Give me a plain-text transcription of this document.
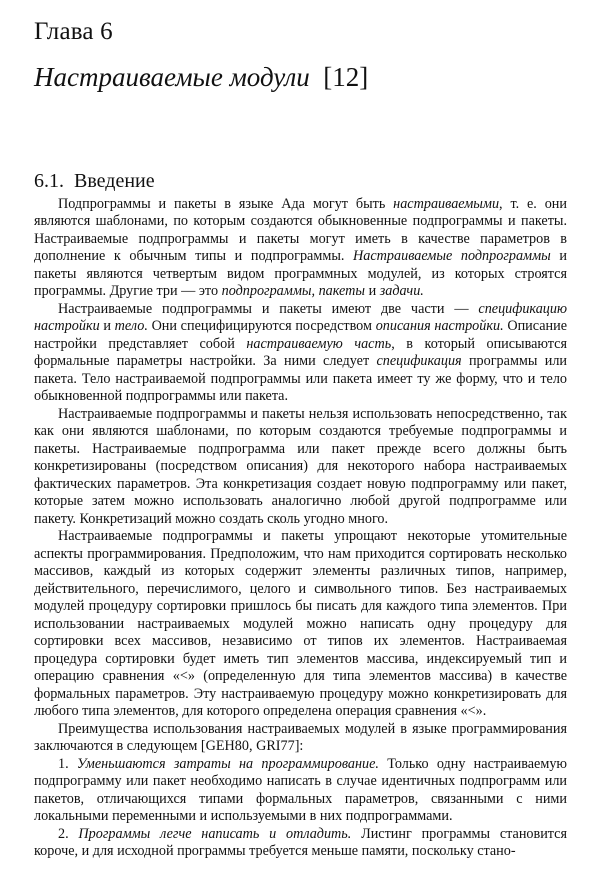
Глава 6
Настраиваемые модули [12]
6.1. Введение

Подпрограммы и пакеты в языке Ада могут быть настраиваемыми, т. е. они являются шаблонами, по которым создаются обыкновенные подпрограммы и пакеты. Настраиваемые подпрограммы и пакеты могут иметь в качестве параметров в дополнение к обычным типы и подпрограммы. Настраиваемые подпрограммы и пакеты являются четвертым видом программных модулей, из которых строятся программы. Другие три — это подпрограммы, пакеты и задачи.

Настраиваемые подпрограммы и пакеты имеют две части — спецификацию настройки и тело. Они специфицируются посредством описания настройки. Описание настройки представляет собой настраиваемую часть, в который описываются формальные параметры настройки. За ними следует спецификация программы или пакета. Тело настраиваемой подпрограммы или пакета имеет ту же форму, что и тело обыкновенной подпрограммы или пакета.

Настраиваемые подпрограммы и пакеты нельзя использовать непосредственно, так как они являются шаблонами, по которым создаются требуемые подпрограммы и пакеты. Настраиваемые подпрограмма или пакет прежде всего должны быть конкретизированы (посредством описания) для некоторого набора настраиваемых фактических параметров. Эта конкретизация создает новую подпрограмму или пакет, которые затем можно использовать аналогично любой другой подпрограмме или пакету. Конкретизаций можно создать сколь угодно много.

Настраиваемые подпрограммы и пакеты упрощают некоторые утомительные аспекты программирования. Предположим, что нам приходится сортировать несколько массивов, каждый из которых содержит элементы различных типов, например, действительного, перечислимого, целого и символьного типов. Без настраиваемых модулей процедуру сортировки пришлось бы писать для каждого типа элементов. При использовании настраиваемых модулей можно написать одну процедуру для сортировки всех массивов, независимо от типов их элементов. Настраиваемая процедура сортировки будет иметь тип элементов массива, индексируемый тип и операцию сравнения «<» (определенную для типа элементов массива) в качестве формальных параметров. Эту настраиваемую процедуру можно конкретизировать для любого типа элементов, для которого определена операция сравнения «<».

Преимущества использования настраиваемых модулей в языке программирования заключаются в следующем [GEH80, GRI77]:

1. Уменьшаются затраты на программирование. Только одну настраиваемую подпрограмму или пакет необходимо написать в случае идентичных подпрограмм или пакетов, отличающихся типами формальных параметров, связанными с ними локальными переменными и используемыми в них подпрограммами.

2. Программы легче написать и отладить. Листинг программы становится

короче, и для исходной программы требуется меньше памяти, поскольку стано-
